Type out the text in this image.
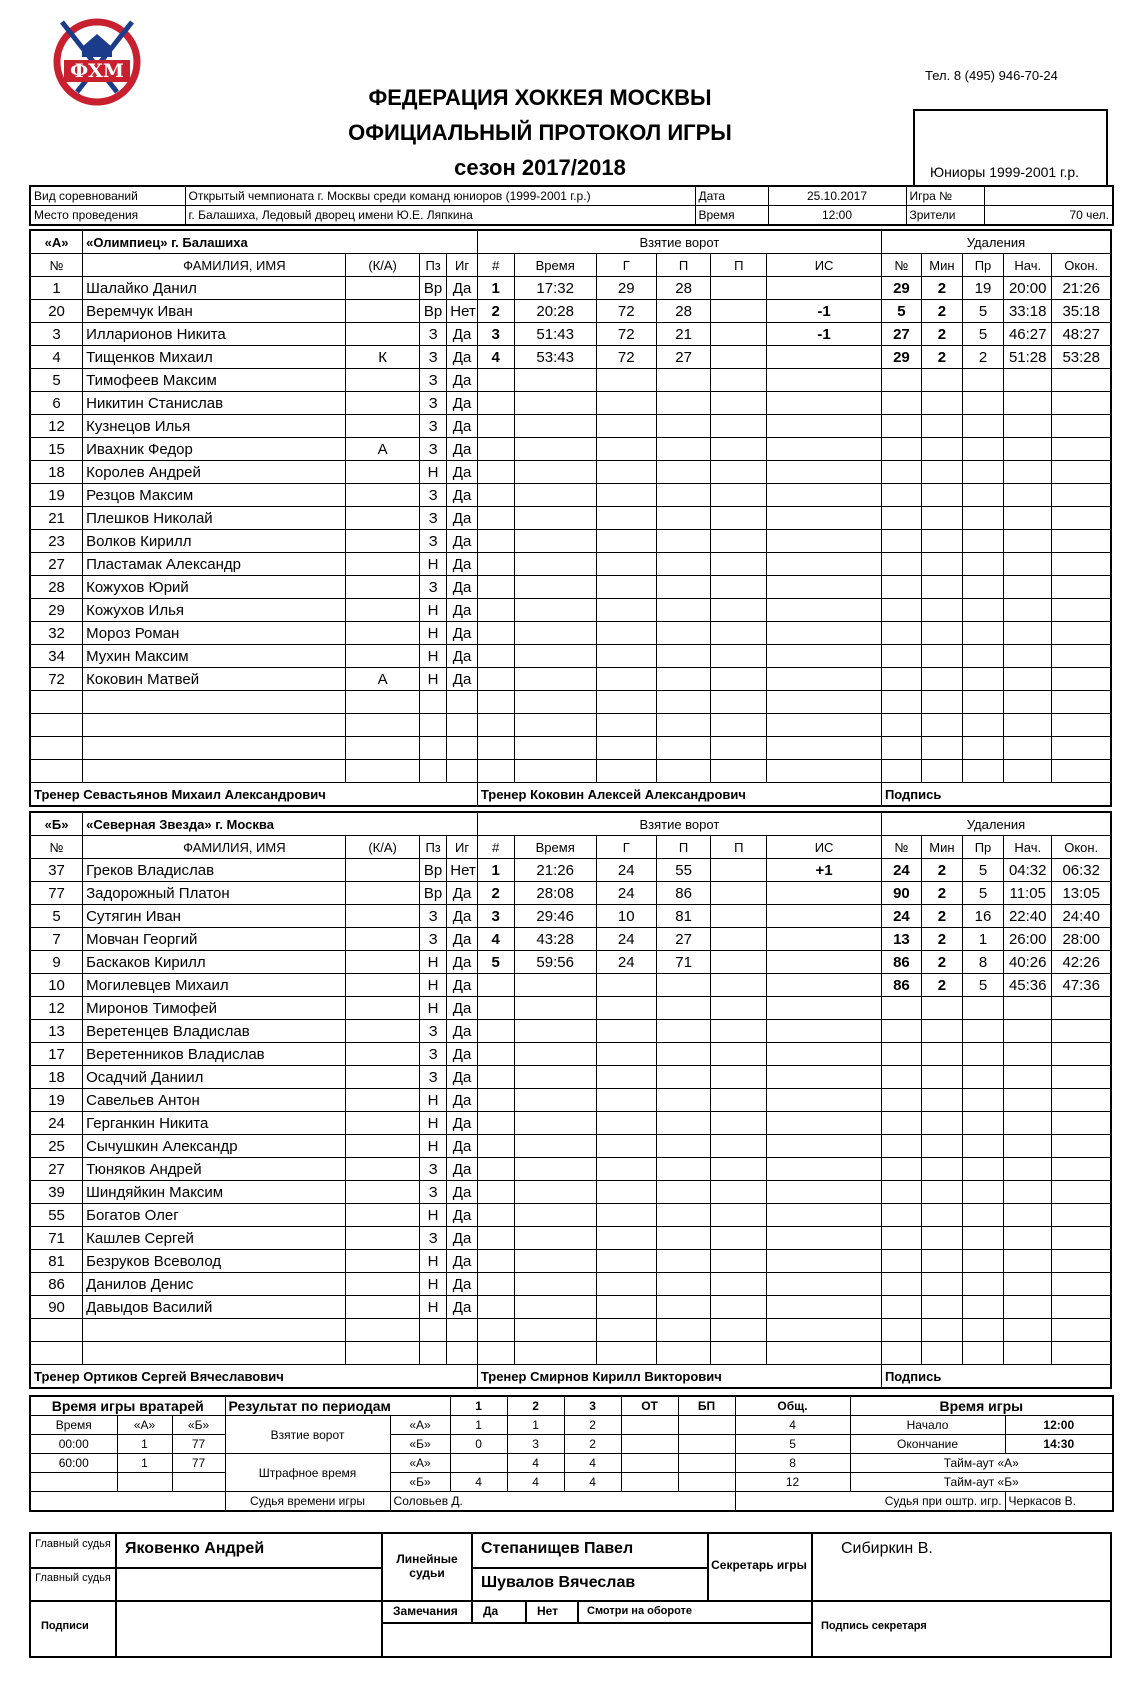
ФХМ	Тел. 8 (495) 946-70-24
ФЕДЕРАЦИЯ ХОККЕЯ МОСКВЫ
ОФИЦИАЛЬНЫЙ ПРОТОКОЛ ИГРЫ
сезон 2017/2018	Юниоры 1999-2001 г.р.
Вид соревнований	Открытый чемпионата г. Москвы среди команд юниоров (1999-2001 г.р.)	Дата	25.10.2017	Игра №	
Место проведения	г. Балашиха, Ледовый дворец имени Ю.Е. Ляпкина	Время	12:00	Зрители	70 чел.
«А»	«Олимпиец» г. Балашиха				Взятие ворот						Удаления				
№	ФАМИЛИЯ, ИМЯ	(К/А)	Пз	Иг	#	Время	Г	П	П	ИС	№	Мин	Пр	Нач.	Окон.
1	Шалайко Данил		Вр	Да	1	17:32	29	28			29	2	19	20:00	21:26
20	Веремчук Иван		Вр	Нет	2	20:28	72	28		-1	5	2	5	33:18	35:18
3	Илларионов Никита		З	Да	3	51:43	72	21		-1	27	2	5	46:27	48:27
4	Тищенков Михаил	К	З	Да	4	53:43	72	27			29	2	2	51:28	53:28
5	Тимофеев Максим		З	Да											
6	Никитин Станислав		З	Да											
12	Кузнецов Илья		З	Да											
15	Ивахник Федор	А	З	Да											
18	Королев Андрей		Н	Да											
19	Резцов Максим		З	Да											
21	Плешков Николай		З	Да											
23	Волков Кирилл		З	Да											
27	Пластамак Александр		Н	Да											
28	Кожухов Юрий		З	Да											
29	Кожухов Илья		Н	Да											
32	Мороз Роман		Н	Да											
34	Мухин Максим		Н	Да											
72	Коковин Матвей	А	Н	Да											

Тренер Севастьянов Михаил Александрович					Тренер Коковин Алексей Александрович						Подпись				
«Б»	«Северная Звезда» г. Москва				Взятие ворот						Удаления				
№	ФАМИЛИЯ, ИМЯ	(К/А)	Пз	Иг	#	Время	Г	П	П	ИС	№	Мин	Пр	Нач.	Окон.
37	Греков Владислав		Вр	Нет	1	21:26	24	55		+1	24	2	5	04:32	06:32
77	Задорожный Платон		Вр	Да	2	28:08	24	86			90	2	5	11:05	13:05
5	Сутягин Иван		З	Да	3	29:46	10	81			24	2	16	22:40	24:40
7	Мовчан Георгий		З	Да	4	43:28	24	27			13	2	1	26:00	28:00
9	Баскаков Кирилл		Н	Да	5	59:56	24	71			86	2	8	40:26	42:26
10	Могилевцев Михаил		Н	Да							86	2	5	45:36	47:36
12	Миронов Тимофей		Н	Да											
13	Веретенцев Владислав		З	Да											
17	Веретенников Владислав		З	Да											
18	Осадчий Даниил		З	Да											
19	Савельев Антон		Н	Да											
24	Герганкин Никита		Н	Да											
25	Сычушкин Александр		Н	Да											
27	Тюняков Андрей		З	Да											
39	Шиндяйкин Максим		З	Да											
55	Богатов Олег		Н	Да											
71	Кашлев Сергей		З	Да											
81	Безруков Всеволод		Н	Да											
86	Данилов Денис		Н	Да											
90	Давыдов Василий		Н	Да											

Тренер Ортиков Сергей Вячеславович					Тренер Смирнов Кирилл Викторович						Подпись				
Время игры вратарей			Результат по периодам		1	2	3	ОТ	БП	Общ.	Время игры	
Время	«А»	«Б»	Взятие ворот	«А»	1	1	2			4	Начало	12:00
00:00	1	77		«Б»	0	3	2			5	Окончание	14:30
60:00	1	77	Штрафное время	«А»		4	4			8	Тайм-аут «А»	
				«Б»	4	4	4			12	Тайм-аут «Б»	
			Судья времени игры	Соловьев Д.						Судья при оштр. игр.		Черкасов В.
Главный судья Яковенко Андрей
Главный судья
Подписи
Линейные судьи
Степанищев Павел
Шувалов Вячеслав
Секретарь игры
Сибиркин В.
Замечания Да	Нет	Смотри на обороте
Подпись секретаря
